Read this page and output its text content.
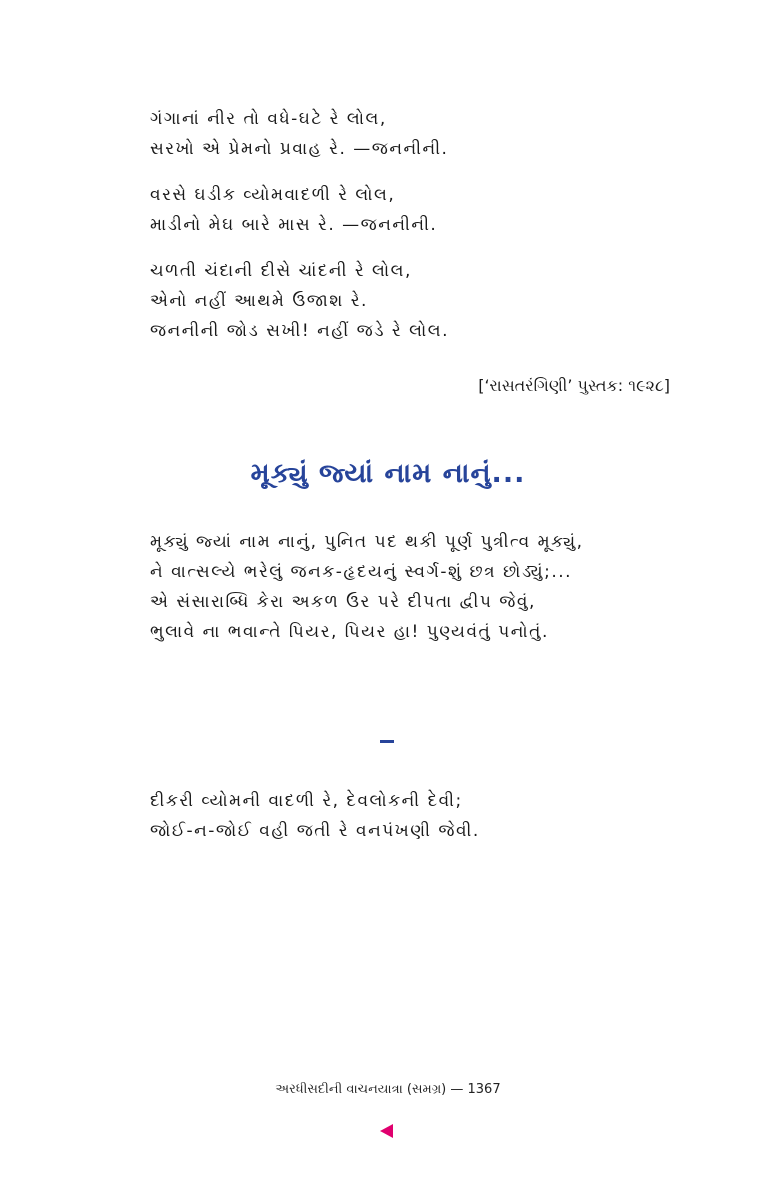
ગંગાનાં નીર તો વધે-ઘટે રે લોલ,
સરખો એ પ્રેમનો પ્રવાહ રે. —જનનીની.
વરસે ઘડીક વ્યોમવાદળી રે લોલ,
માડીનો મેઘ બારે માસ રે. —જનનીની.
ચળતી ચંદાની દીસે ચાંદની રે લોલ,
એનો નહીં આથમે ઉજાશ રે.
જનનીની જોડ સખી! નહીં જડે રે લોલ.
[‘રાસતરંગિણી’ પુસ્તક: ૧૯૨૮]
મૂક્યું જ્યાં નામ નાનું...
મૂક્યું જ્યાં નામ નાનું, પુનિત પદ થકી પૂર્ણ પુત્રીત્વ મૂક્યું,
ને વાત્સલ્યે ભરેલું જનક-હૃદયનું સ્વર્ગ-શું છત્ર છોડ્યું;...
એ સંસારાબ્ધિ કેરા અકળ ઉર પરે દીપતા દ્વીપ જેવું,
ભુલાવે ના ભવાન્તે પિયર, પિયર હા! પુણ્યવંતું પનોતું.
દીકરી વ્યોમની વાદળી રે, દેવલોકની દેવી;
જોઈ-ન-જોઈ વહી જતી રે વનપંખણી જેવી.
અરધીસદીની વાચનયાત્રા (સમગ્ર) — 1367
